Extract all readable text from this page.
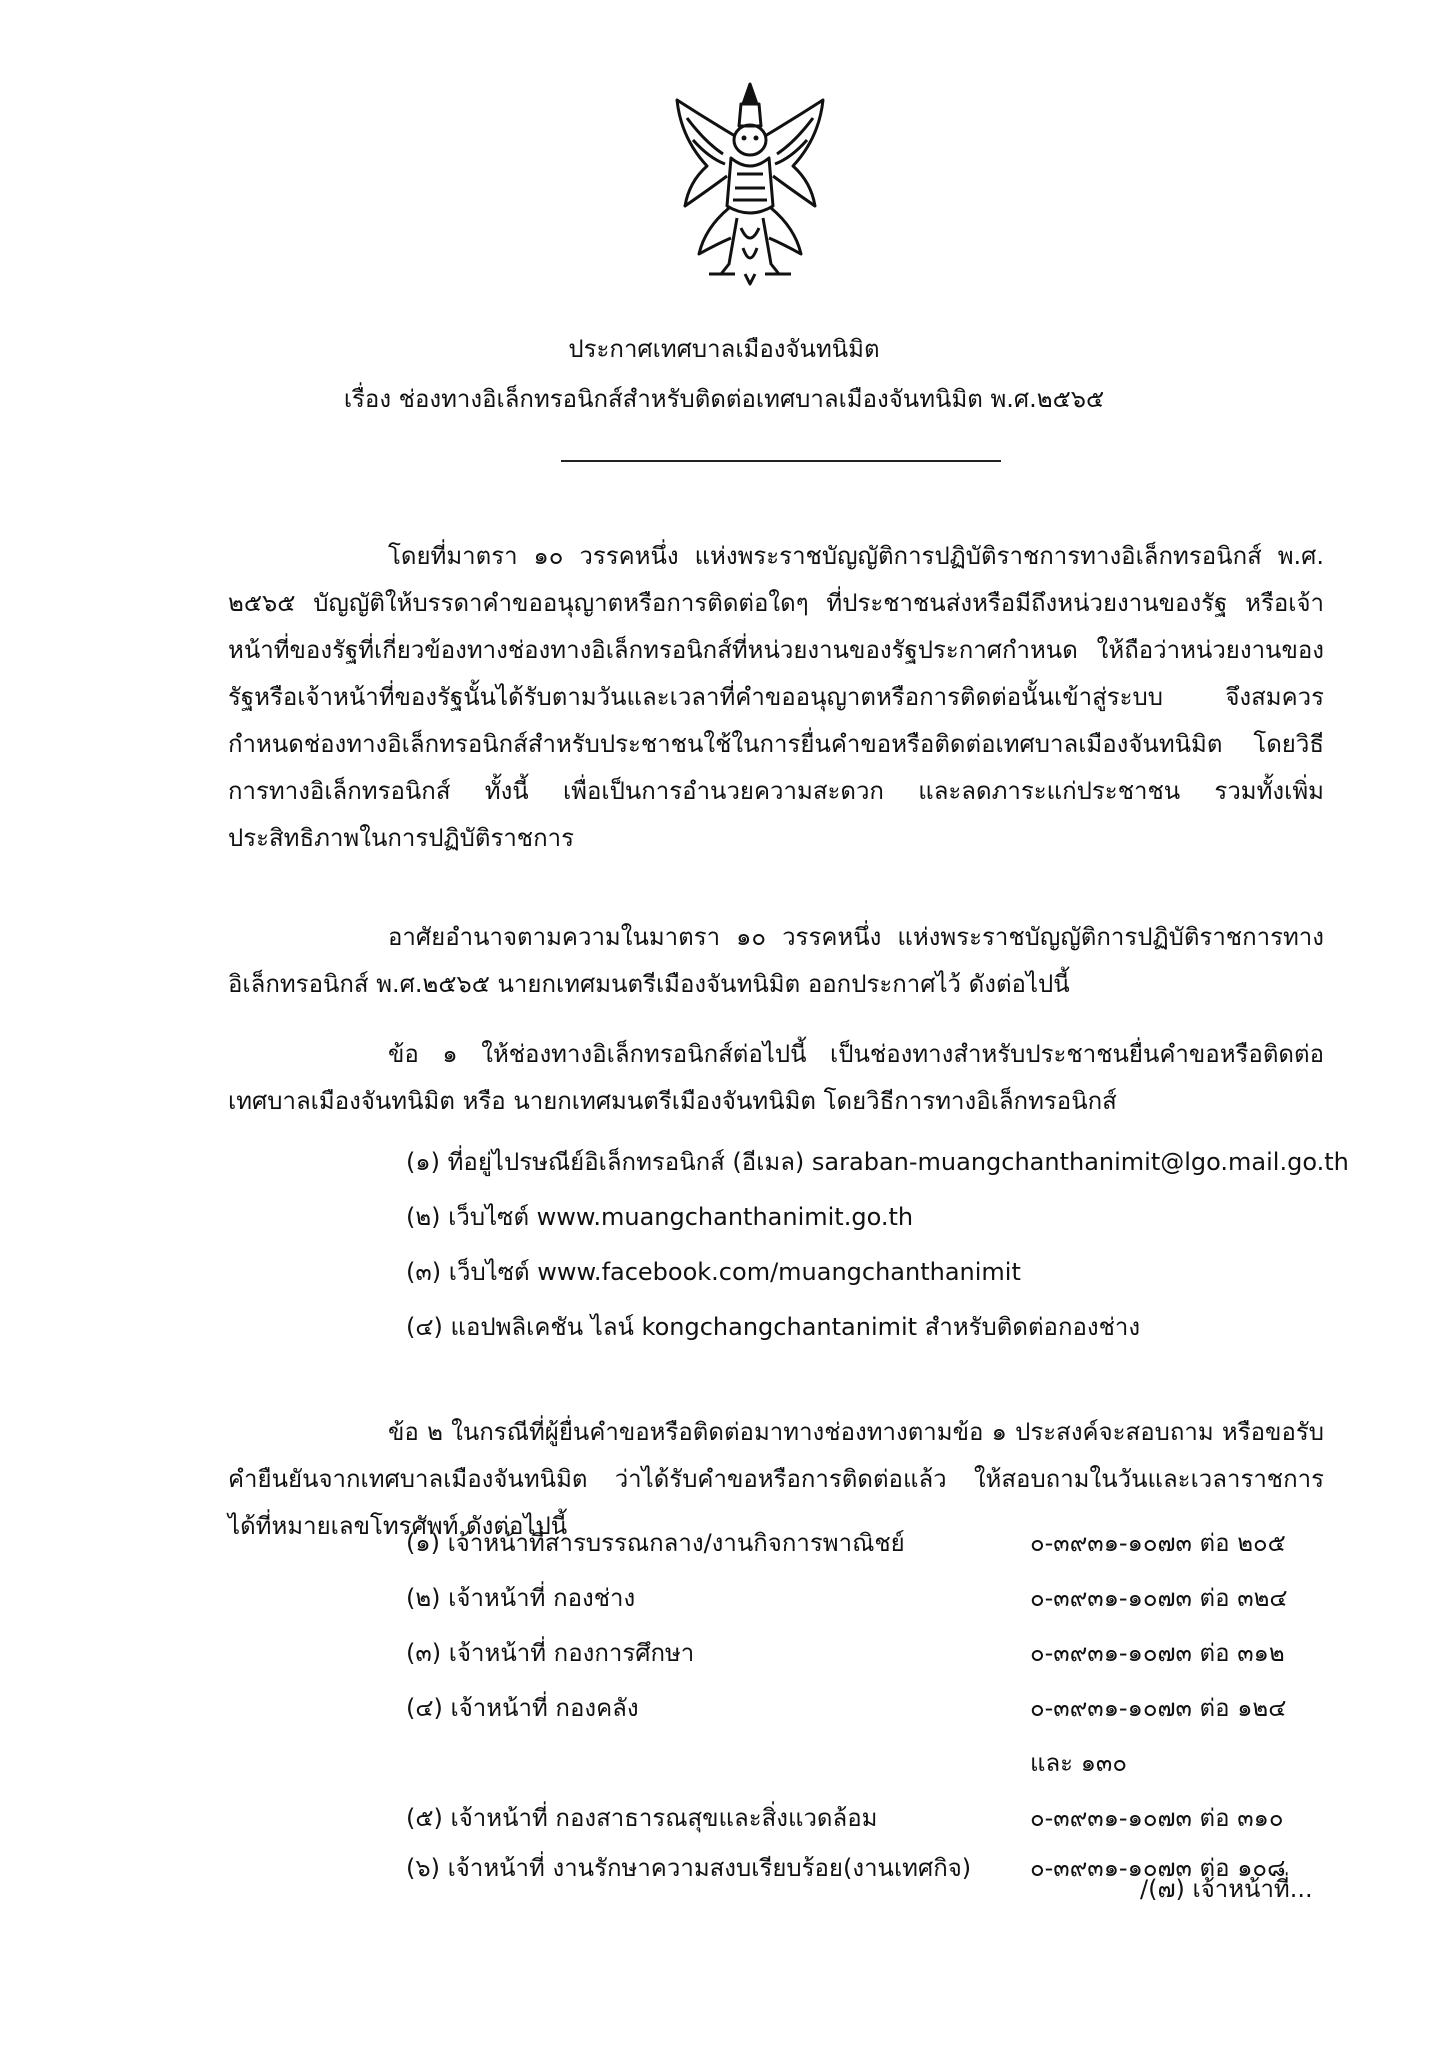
ประกาศเทศบาลเมืองจันทนิมิต
เรื่อง ช่องทางอิเล็กทรอนิกส์สำหรับติดต่อเทศบาลเมืองจันทนิมิต พ.ศ.๒๕๖๕
โดยที่มาตรา ๑๐ วรรคหนึ่ง แห่งพระราชบัญญัติการปฏิบัติราชการทางอิเล็กทรอนิกส์ พ.ศ. ๒๕๖๕ บัญญัติให้บรรดาคำขออนุญาตหรือการติดต่อใดๆ ที่ประชาชนส่งหรือมีถึงหน่วยงานของรัฐ หรือเจ้าหน้าที่ของรัฐที่เกี่ยวข้องทางช่องทางอิเล็กทรอนิกส์ที่หน่วยงานของรัฐประกาศกำหนด ให้ถือว่าหน่วยงานของรัฐหรือเจ้าหน้าที่ของรัฐนั้นได้รับตามวันและเวลาที่คำขออนุญาตหรือการติดต่อนั้นเข้าสู่ระบบ จึงสมควรกำหนดช่องทางอิเล็กทรอนิกส์สำหรับประชาชนใช้ในการยื่นคำขอหรือติดต่อเทศบาลเมืองจันทนิมิต โดยวิธีการทางอิเล็กทรอนิกส์ ทั้งนี้ เพื่อเป็นการอำนวยความสะดวก และลดภาระแก่ประชาชน รวมทั้งเพิ่มประสิทธิภาพในการปฏิบัติราชการ
อาศัยอำนาจตามความในมาตรา ๑๐ วรรคหนึ่ง แห่งพระราชบัญญัติการปฏิบัติราชการทางอิเล็กทรอนิกส์ พ.ศ.๒๕๖๕ นายกเทศมนตรีเมืองจันทนิมิต ออกประกาศไว้ ดังต่อไปนี้
ข้อ ๑ ให้ช่องทางอิเล็กทรอนิกส์ต่อไปนี้ เป็นช่องทางสำหรับประชาชนยื่นคำขอหรือติดต่อเทศบาลเมืองจันทนิมิต หรือ นายกเทศมนตรีเมืองจันทนิมิต โดยวิธีการทางอิเล็กทรอนิกส์
(๑) ที่อยู่ไปรษณีย์อิเล็กทรอนิกส์ (อีเมล) saraban-muangchanthanimit@lgo.mail.go.th
(๒) เว็บไซต์ www.muangchanthanimit.go.th
(๓) เว็บไซต์ www.facebook.com/muangchanthanimit
(๔) แอปพลิเคชัน ไลน์ kongchangchantanimit สำหรับติดต่อกองช่าง
ข้อ ๒ ในกรณีที่ผู้ยื่นคำขอหรือติดต่อมาทางช่องทางตามข้อ ๑ ประสงค์จะสอบถาม หรือขอรับคำยืนยันจากเทศบาลเมืองจันทนิมิต ว่าได้รับคำขอหรือการติดต่อแล้ว ให้สอบถามในวันและเวลาราชการได้ที่หมายเลขโทรศัพท์ ดังต่อไปนี้
(๑) เจ้าหน้าที่สารบรรณกลาง/งานกิจการพาณิชย์	๐-๓๙๓๑-๑๐๗๓ ต่อ ๒๐๕
(๒) เจ้าหน้าที่ กองช่าง	๐-๓๙๓๑-๑๐๗๓ ต่อ ๓๒๔
(๓) เจ้าหน้าที่ กองการศึกษา	๐-๓๙๓๑-๑๐๗๓ ต่อ ๓๑๒
(๔) เจ้าหน้าที่ กองคลัง	๐-๓๙๓๑-๑๐๗๓ ต่อ ๑๒๔
และ ๑๓๐
(๕) เจ้าหน้าที่ กองสาธารณสุขและสิ่งแวดล้อม	๐-๓๙๓๑-๑๐๗๓ ต่อ ๓๑๐
(๖) เจ้าหน้าที่ งานรักษาความสงบเรียบร้อย(งานเทศกิจ) ๐-๓๙๓๑-๑๐๗๓ ต่อ ๑๐๘
/(๗) เจ้าหน้าที่...
